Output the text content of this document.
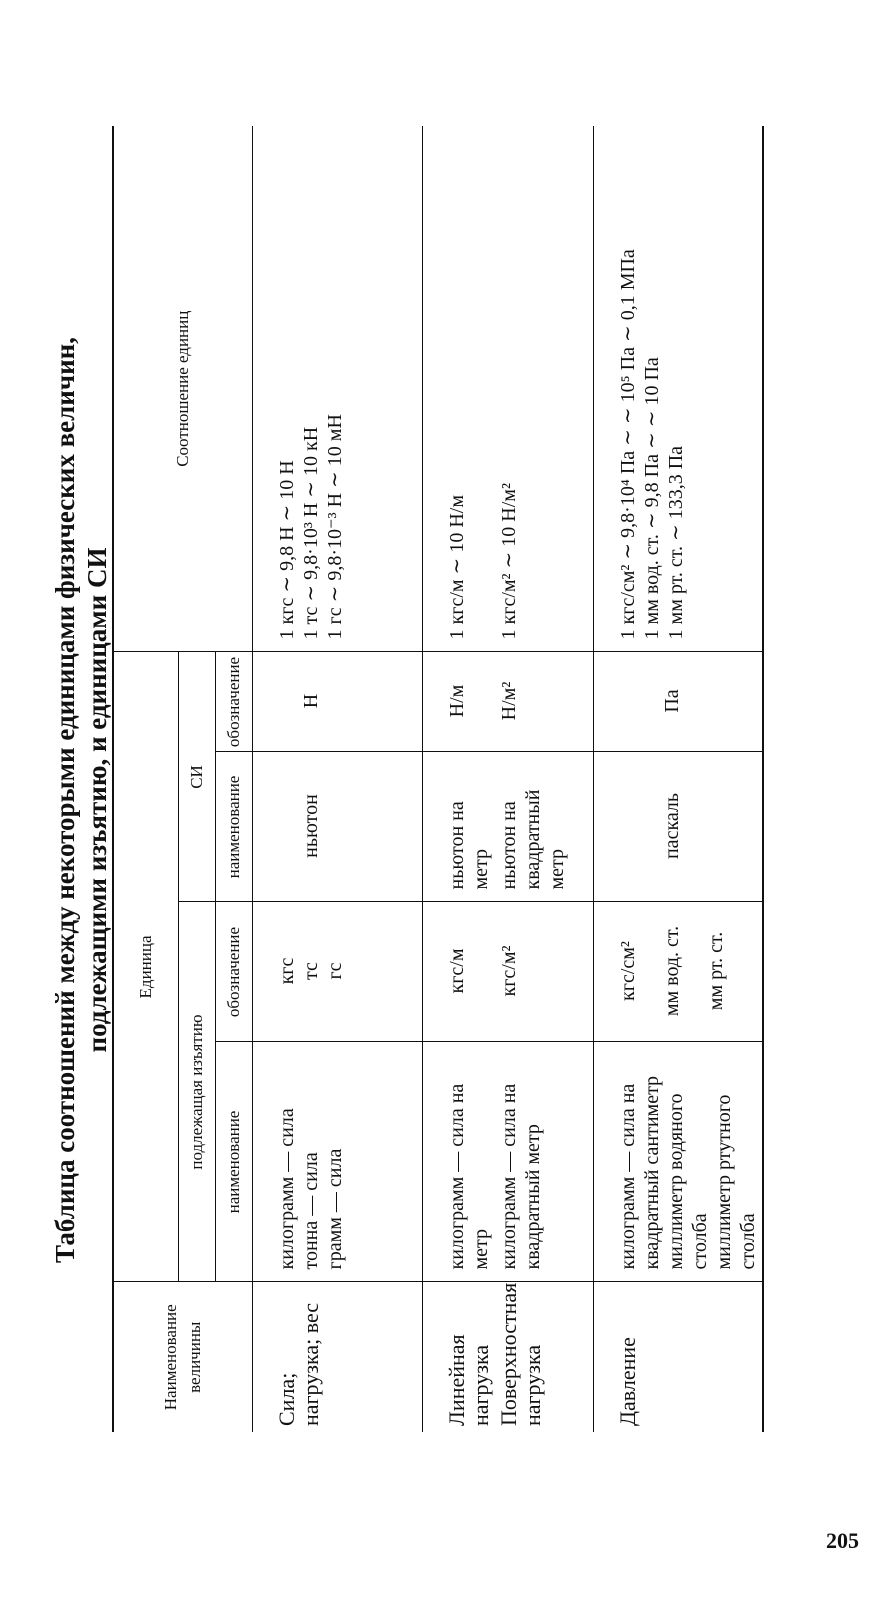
Таблица соотношений между некоторыми единицами физических величин, подлежащими изъятию, и единицами СИ
Наименование величины	Единица				Соотношение единиц
	подлежащая изъятию		СИ		
	наименование	обозначение	наименование	обозначение	
Сила; нагрузка; вес	килограмм — сила тонна — сила грамм — сила	кгс тс гс	ньютон	Н	1 кгс ∼ 9,8 Н ∼ 10 Н 1 тс ∼ 9,8·10³ Н ∼ 10 кН 1 гс ∼ 9,8·10⁻³ Н ∼ 10 мН

Линейная нагрузка	килограмм — сила на метр	кгс/м	ньютон на метр	Н/м	1 кгс/м ∼ 10 Н/м
Поверхностная нагрузка	килограмм — сила на квадратный метр	кгс/м²	ньютон на квадратный метр	Н/м²	1 кгс/м² ∼ 10 Н/м²
Давление	килограмм — сила на квадратный сантиметр миллиметр водяного столба миллиметр ртутного столба	кгс/см² мм вод. ст. мм рт. ст.	паскаль	Па	1 кгс/см² ∼ 9,8·10⁴ Па ∼ ∼ 10⁵ Па ∼ 0,1 МПа 1 мм вод. ст. ∼ 9,8 Па ∼ ∼ 10 Па 1 мм рт. ст. ∼ 133,3 Па
205
